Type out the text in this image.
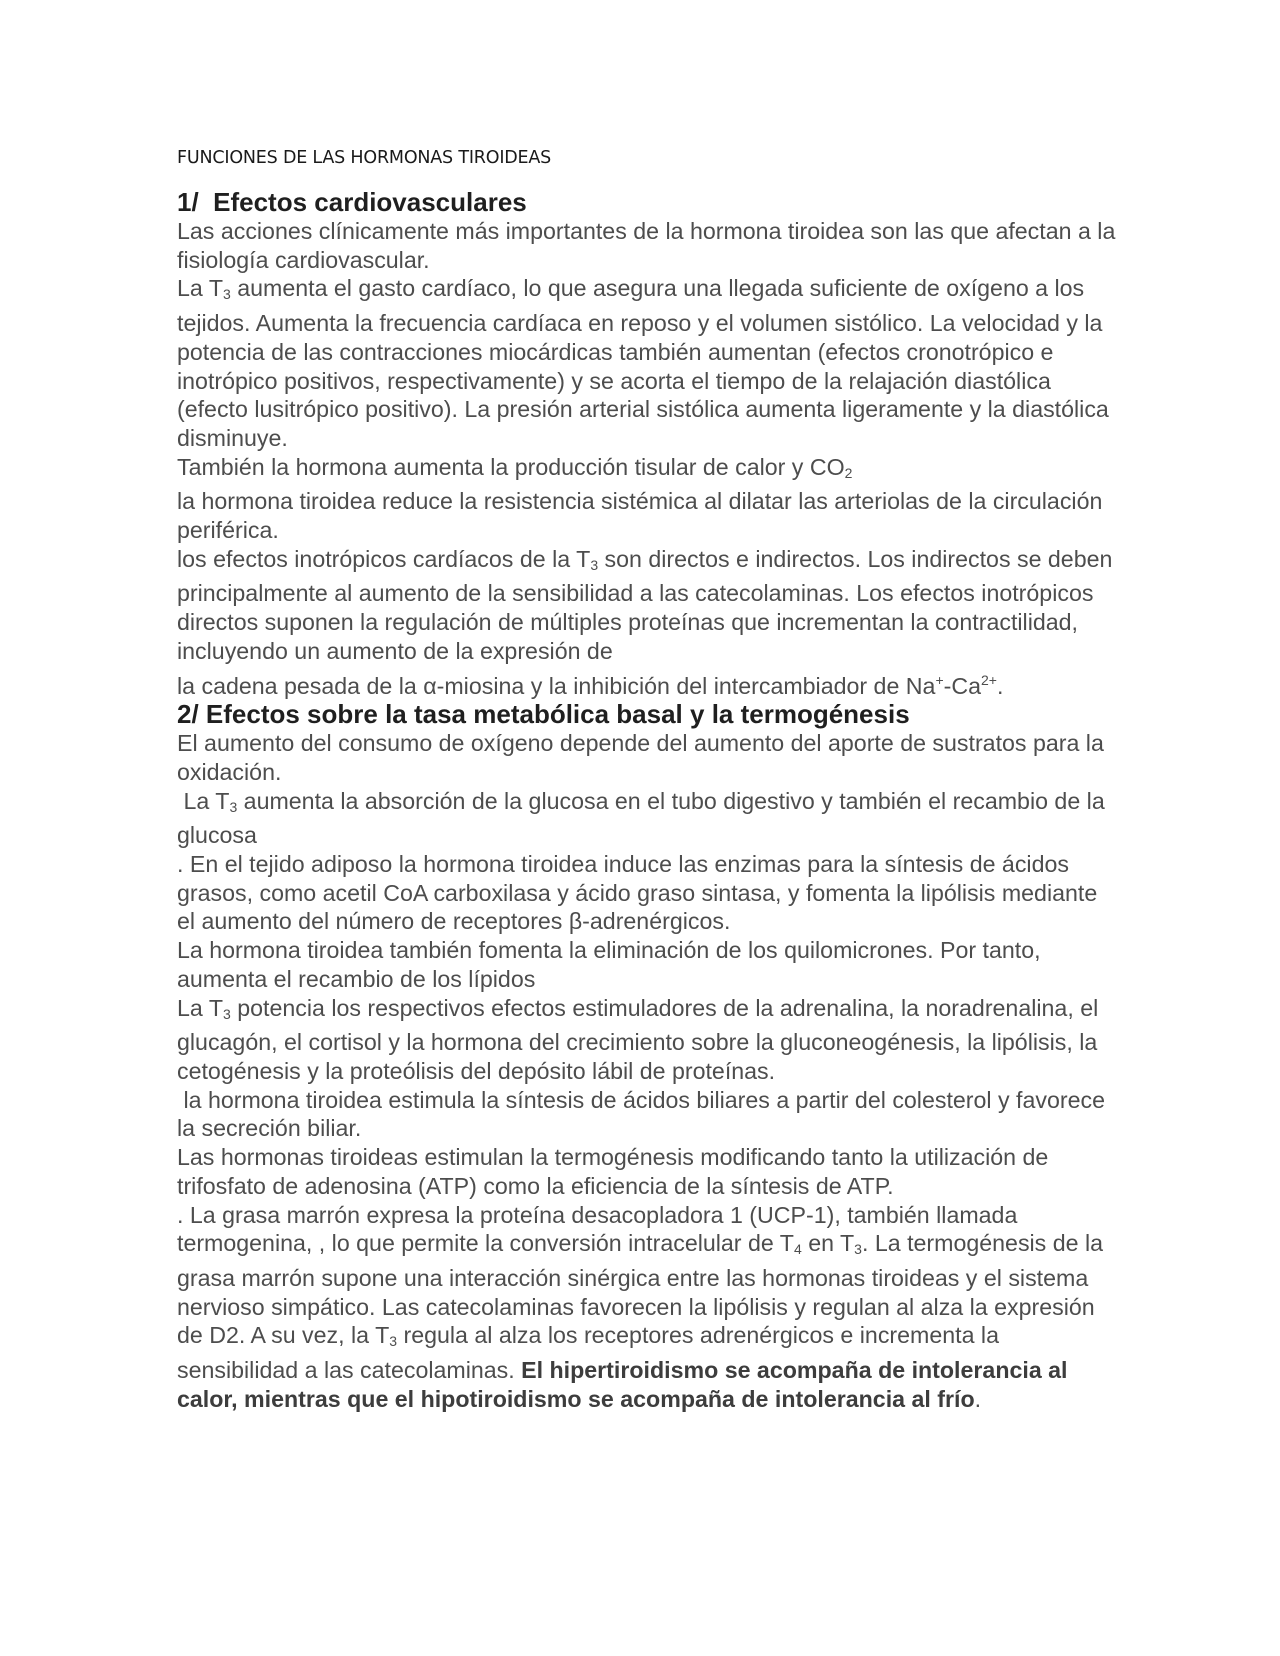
FUNCIONES DE LAS HORMONAS TIROIDEAS
1/  Efectos cardiovasculares

Las acciones clínicamente más importantes de la hormona tiroidea son las que afectan a la fisiología cardiovascular.

La $T_3$ aumenta el gasto cardíaco, lo que asegura una llegada suficiente de oxígeno a los tejidos. Aumenta la frecuencia cardíaca en reposo y el volumen sistólico. La velocidad y la potencia de las contracciones miocárdicas también aumentan (efectos cronotrópico e inotrópico positivos, respectivamente) y se acorta el tiempo de la relajación diastólica (efecto lusitrópico positivo). La presión arterial sistólica aumenta ligeramente y la diastólica disminuye.

También la hormona aumenta la producción tisular de calor y $CO_2$

la hormona tiroidea reduce la resistencia sistémica al dilatar las arteriolas de la circulación periférica.

los efectos inotrópicos cardíacos de la $T_3$ son directos e indirectos. Los indirectos se deben principalmente al aumento de la sensibilidad a las catecolaminas. Los efectos inotrópicos directos suponen la regulación de múltiples proteínas que incrementan la contractilidad, incluyendo un aumento de la expresión de

la cadena pesada de la α-miosina y la inhibición del intercambiador de $Na^+-Ca^{2+}$.

2/ Efectos sobre la tasa metabólica basal y la termogénesis

El aumento del consumo de oxígeno depende del aumento del aporte de sustratos para la oxidación.

La $T_3$ aumenta la absorción de la glucosa en el tubo digestivo y también el recambio de la glucosa

. En el tejido adiposo la hormona tiroidea induce las enzimas para la síntesis de ácidos grasos, como acetil CoA carboxilasa y ácido graso sintasa, y fomenta la lipólisis mediante el aumento del número de receptores β-adrenérgicos.

La hormona tiroidea también fomenta la eliminación de los quilomicrones. Por tanto, aumenta el recambio de los lípidos

La $T_3$ potencia los respectivos efectos estimuladores de la adrenalina, la noradrenalina, el glucagón, el cortisol y la hormona del crecimiento sobre la gluconeogénesis, la lipólisis, la cetogénesis y la proteólisis del depósito lábil de proteínas.

la hormona tiroidea estimula la síntesis de ácidos biliares a partir del colesterol y favorece la secreción biliar.

Las hormonas tiroideas estimulan la termogénesis modificando tanto la utilización de trifosfato de adenosina (ATP) como la eficiencia de la síntesis de ATP.

. La grasa marrón expresa la proteína desacopladora 1 (UCP-1), también llamada termogenina, , lo que permite la conversión intracelular de $T_4$ en $T_3$. La termogénesis de la grasa marrón supone una interacción sinérgica entre las hormonas tiroideas y el sistema nervioso simpático. Las catecolaminas favorecen la lipólisis y regulan al alza la expresión de D2. A su vez, la $T_3$ regula al alza los receptores adrenérgicos e incrementa la sensibilidad a las catecolaminas. El hipertiroidismo se acompaña de intolerancia al calor, mientras que el hipotiroidismo se acompaña de intolerancia al frío.
